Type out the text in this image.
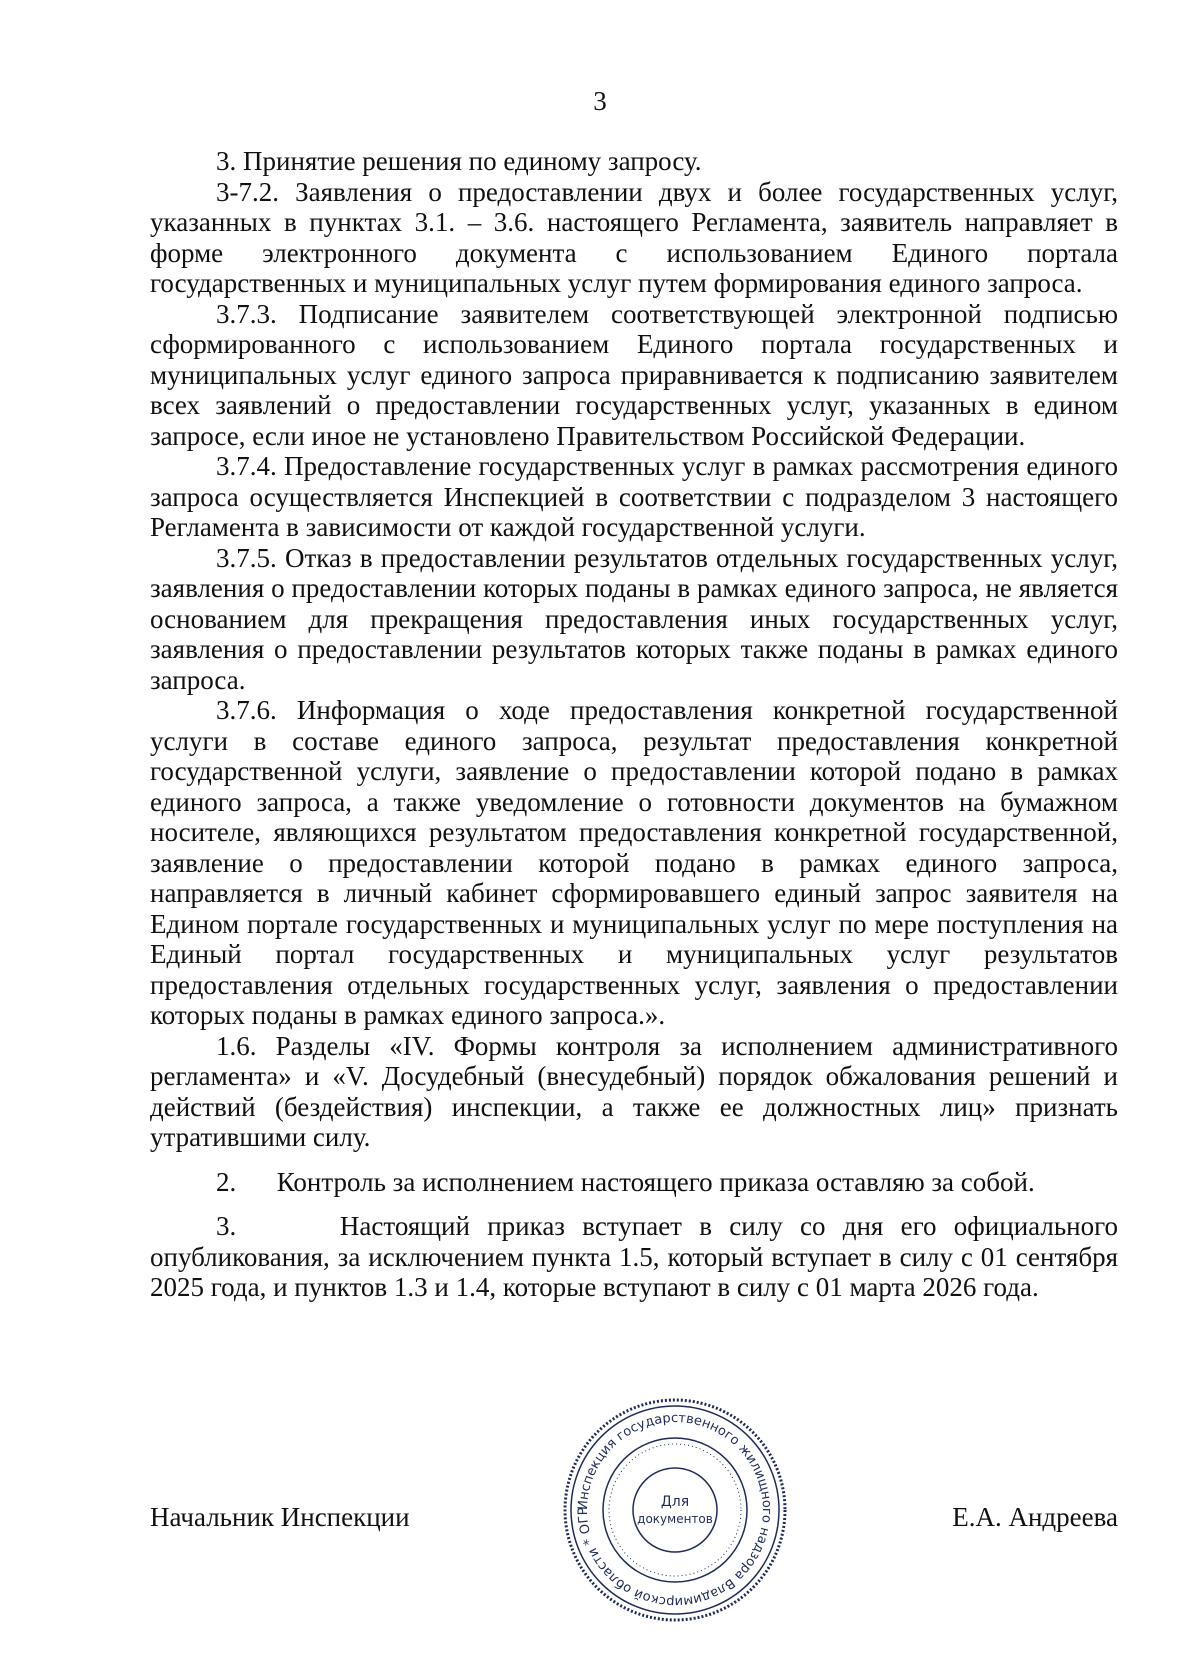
3

3. Принятие решения по единому запросу.

3-7.2. Заявления о предоставлении двух и более государственных услуг, указанных в пунктах 3.1. – 3.6. настоящего Регламента, заявитель направляет в форме электронного документа с использованием Единого портала государственных и муниципальных услуг путем формирования единого запроса.

3.7.3. Подписание заявителем соответствующей электронной подписью сформированного с использованием Единого портала государственных и муниципальных услуг единого запроса приравнивается к подписанию заявителем всех заявлений о предоставлении государственных услуг, указанных в едином запросе, если иное не установлено Правительством Российской Федерации.

3.7.4. Предоставление государственных услуг в рамках рассмотрения единого запроса осуществляется Инспекцией в соответствии с подразделом 3 настоящего Регламента в зависимости от каждой государственной услуги.

3.7.5. Отказ в предоставлении результатов отдельных государственных услуг, заявления о предоставлении которых поданы в рамках единого запроса, не является основанием для прекращения предоставления иных государственных услуг, заявления о предоставлении результатов которых также поданы в рамках единого запроса.

3.7.6. Информация о ходе предоставления конкретной государственной услуги в составе единого запроса, результат предоставления конкретной государственной услуги, заявление о предоставлении которой подано в рамках единого запроса, а также уведомление о готовности документов на бумажном носителе, являющихся результатом предоставления конкретной государственной, заявление о предоставлении которой подано в рамках единого запроса, направляется в личный кабинет сформировавшего единый запрос заявителя на Едином портале государственных и муниципальных услуг по мере поступления на Единый портал государственных и муниципальных услуг результатов предоставления отдельных государственных услуг, заявления о предоставлении которых поданы в рамках единого запроса.».

1.6. Разделы «IV. Формы контроля за исполнением административного регламента» и «V. Досудебный (внесудебный) порядок обжалования решений и действий (бездействия) инспекции, а также ее должностных лиц» признать утратившими силу.

2.      Контроль за исполнением настоящего приказа оставляю за собой.

3.      Настоящий приказ вступает в силу со дня его официального опубликования, за исключением пункта 1.5, который вступает в силу с 01 сентября 2025 года, и пунктов 1.3 и 1.4, которые вступают в силу с 01 марта 2026 года.

Начальник Инспекции	Е.А. Андреева
Инспекция государственного жилищного надзора Владимирской области * ОГР
Для
документов
